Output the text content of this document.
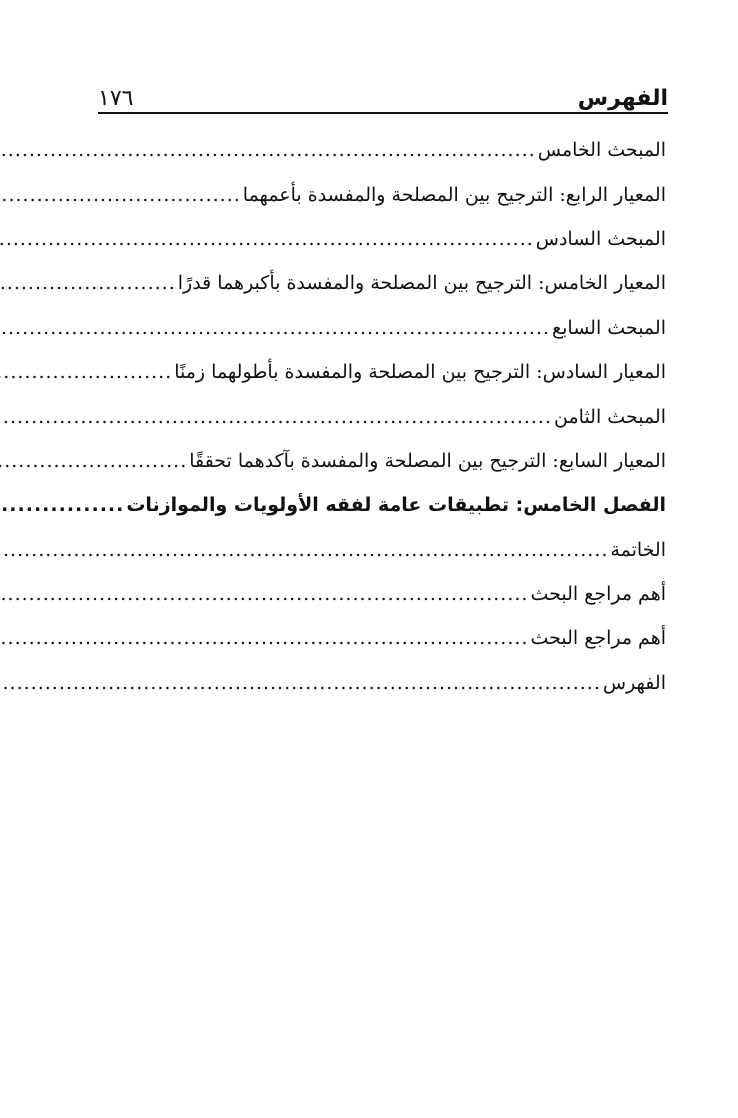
الفهرس
١٧٦
المبحث الخامس
.....
المعيار الرابع: الترجيح بين المصلحة والمفسدة بأعمهما
.....
المبحث السادس
.....
المعيار الخامس: الترجيح بين المصلحة والمفسدة بأكبرهما قدرًا
.....
المبحث السابع
.....
المعيار السادس: الترجيح بين المصلحة والمفسدة بأطولهما زمنًا
.....
المبحث الثامن
.....
المعيار السابع: الترجيح بين المصلحة والمفسدة بآكدهما تحققًا
.....
الفصل الخامس: تطبيقات عامة لفقه الأولويات والموازنات
.....
الخاتمة
.....
أهم مراجع البحث
.....
أهم مراجع البحث
.....
الفهرس
.....
